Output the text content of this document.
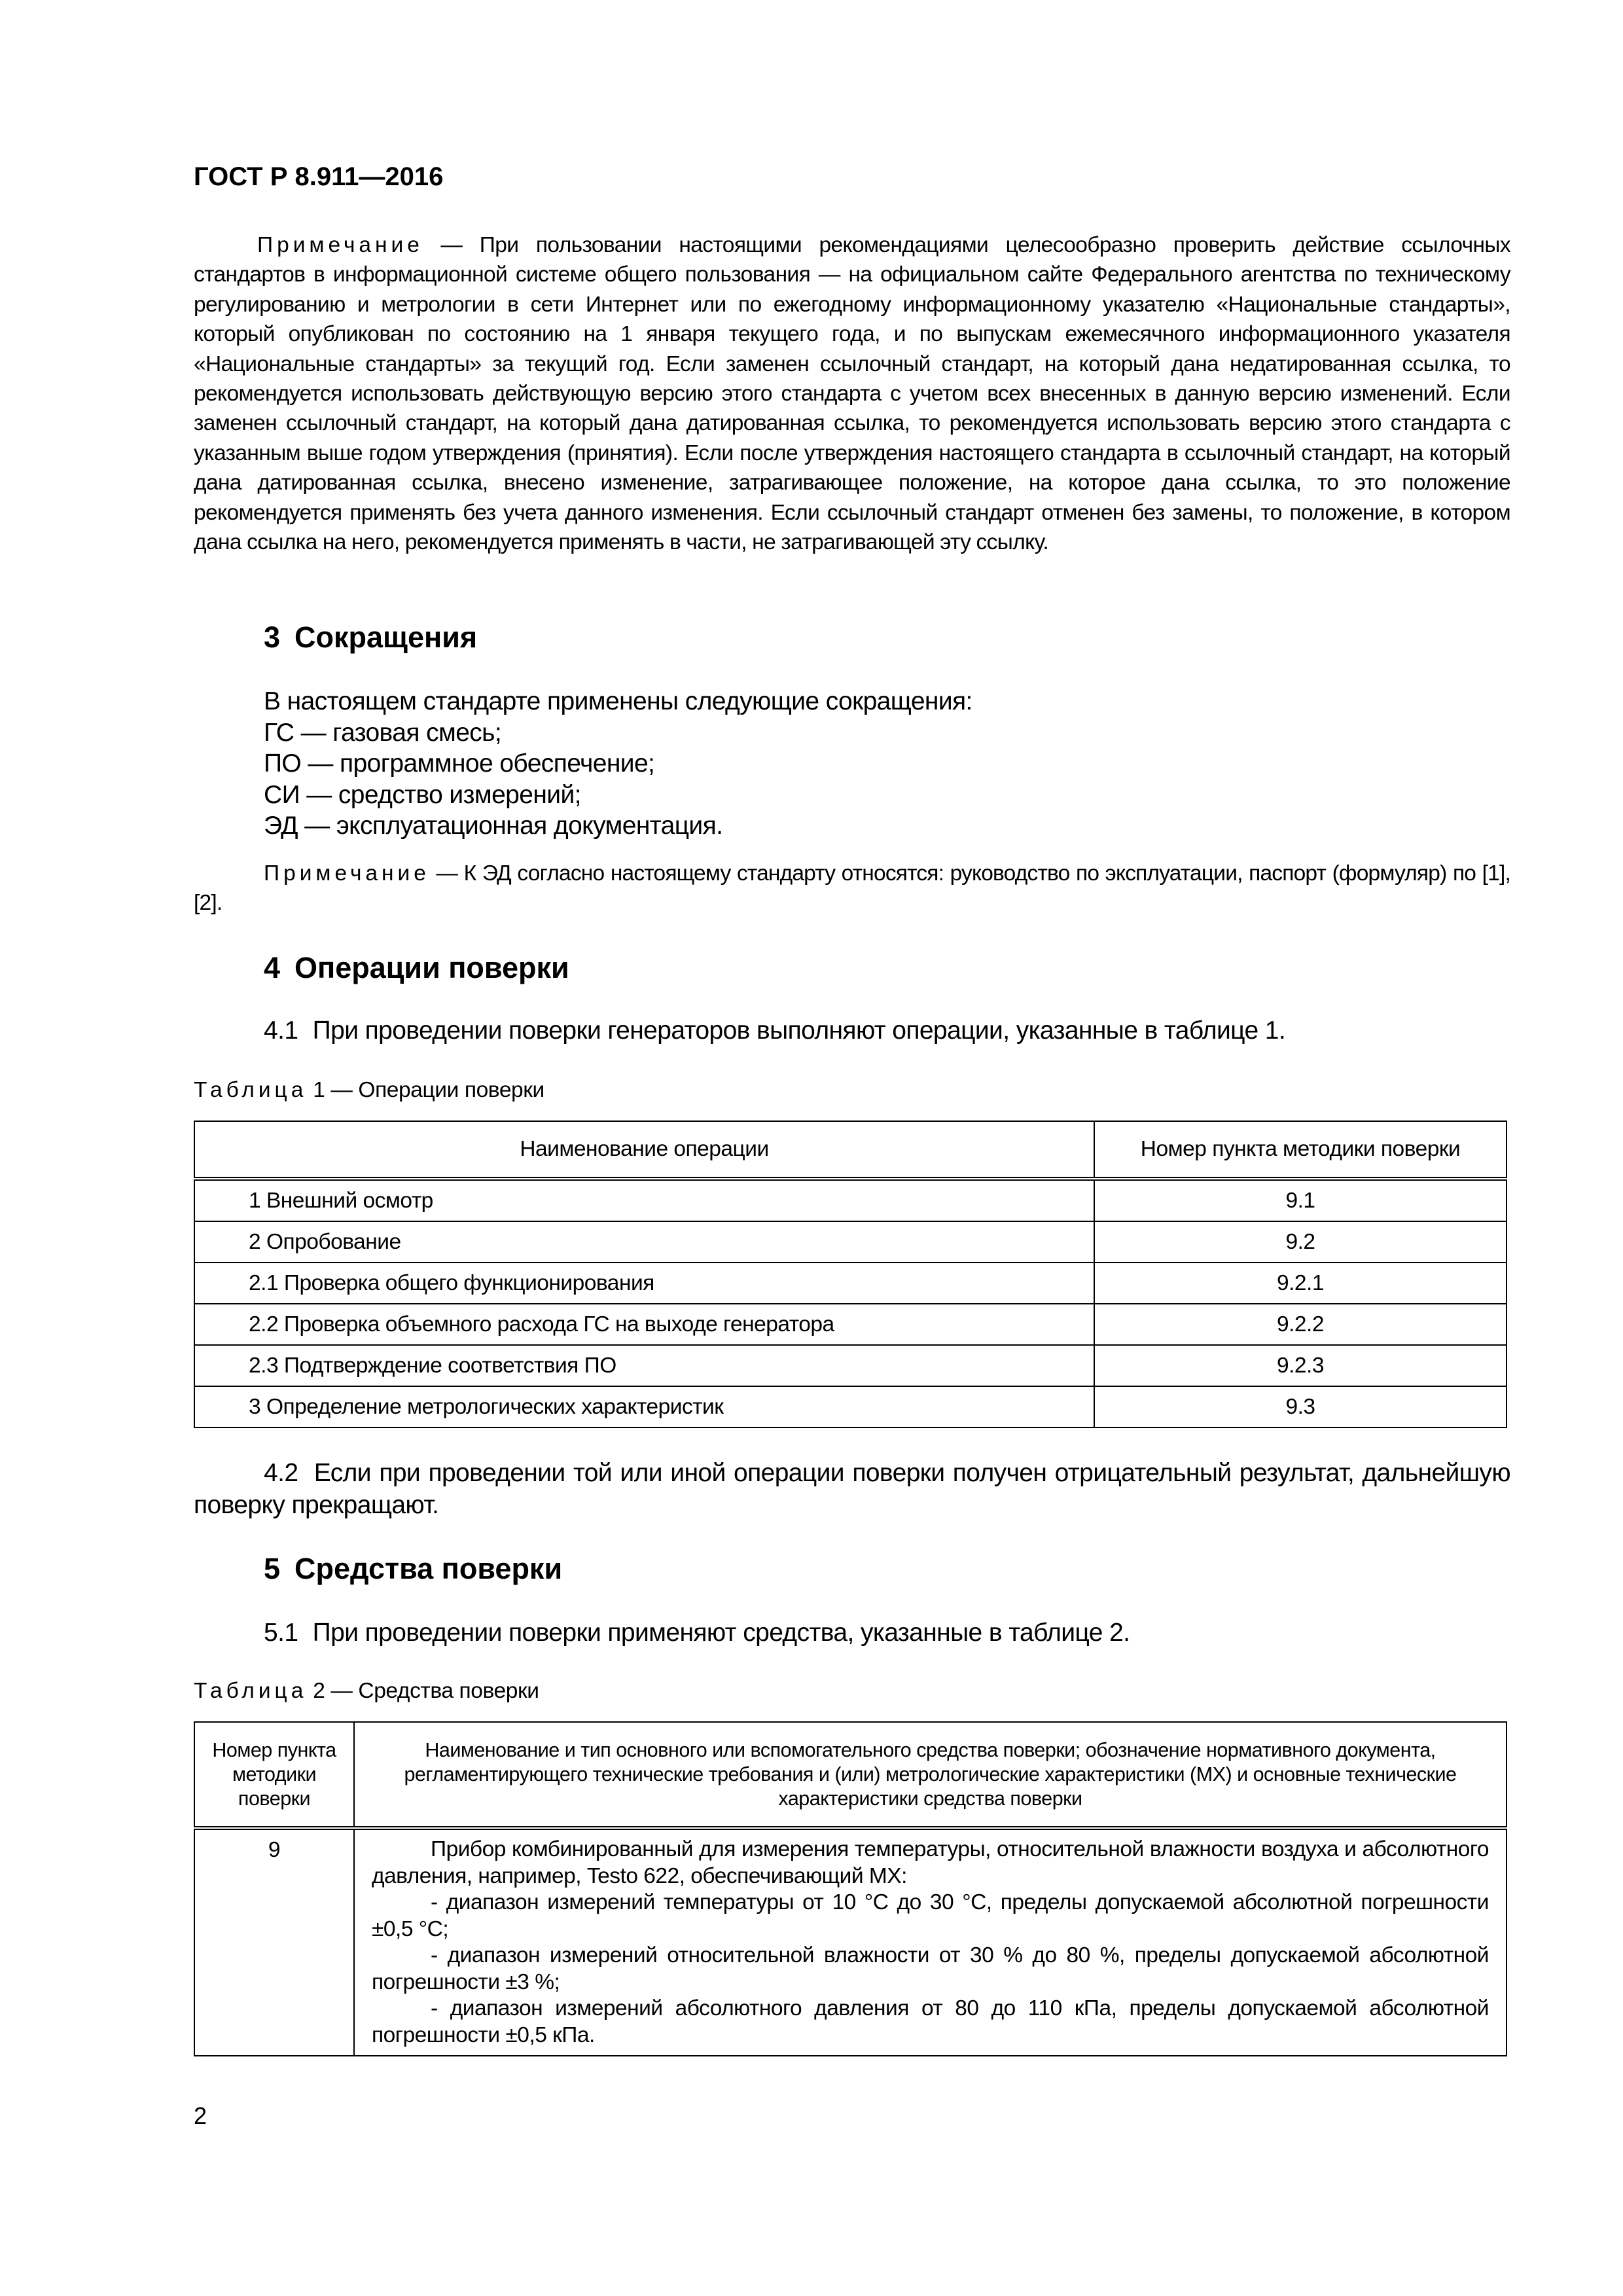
ГОСТ Р 8.911—2016
Примечание — При пользовании настоящими рекомендациями целесообразно проверить действие ссылочных стандартов в информационной системе общего пользования — на официальном сайте Федерального агентства по техническому регулированию и метрологии в сети Интернет или по ежегодному информационному указателю «Национальные стандарты», который опубликован по состоянию на 1 января текущего года, и по выпускам ежемесячного информационного указателя «Национальные стандарты» за текущий год. Если заменен ссылочный стандарт, на который дана недатированная ссылка, то рекомендуется использовать действующую версию этого стандарта с учетом всех внесенных в данную версию изменений. Если заменен ссылочный стандарт, на который дана датированная ссылка, то рекомендуется использовать версию этого стандарта с указанным выше годом утверждения (принятия). Если после утверждения настоящего стандарта в ссылочный стандарт, на который дана датированная ссылка, внесено изменение, затрагивающее положение, на которое дана ссылка, то это положение рекомендуется применять без учета данного изменения. Если ссылочный стандарт отменен без замены, то положение, в котором дана ссылка на него, рекомендуется применять в части, не затрагивающей эту ссылку.
3 Сокращения
В настоящем стандарте применены следующие сокращения:
ГС — газовая смесь;
ПО — программное обеспечение;
СИ — средство измерений;
ЭД — эксплуатационная документация.
Примечание — К ЭД согласно настоящему стандарту относятся: руководство по эксплуатации, паспорт (формуляр) по [1], [2].
4 Операции поверки
4.1 При проведении поверки генераторов выполняют операции, указанные в таблице 1.
Таблица 1 — Операции поверки
Наименование операции	Номер пункта методики поверки
1 Внешний осмотр	9.1
2 Опробование	9.2
2.1 Проверка общего функционирования	9.2.1
2.2 Проверка объемного расхода ГС на выходе генератора	9.2.2
2.3 Подтверждение соответствия ПО	9.2.3
3 Определение метрологических характеристик	9.3
4.2 Если при проведении той или иной операции поверки получен отрицательный результат, дальнейшую поверку прекращают.
5 Средства поверки
5.1 При проведении поверки применяют средства, указанные в таблице 2.
Таблица 2 — Средства поверки
Номер пункта методики поверки	Наименование и тип основного или вспомогательного средства поверки; обозначение нормативного документа, регламентирующего технические требования и (или) метрологические характеристики (МХ) и основные технические характеристики средства поверки
9	Прибор комбинированный для измерения температуры, относительной влажности воздуха и абсолютного давления, например, Testo 622, обеспечивающий МХ:
- диапазон измерений температуры от 10 °С до 30 °С, пределы допускаемой абсолютной погрешности ±0,5 °С;
- диапазон измерений относительной влажности от 30 % до 80 %, пределы допускаемой абсолютной погрешности ±3 %;
- диапазон измерений абсолютного давления от 80 до 110 кПа, пределы допускаемой абсолютной погрешности ±0,5 кПа.
2
